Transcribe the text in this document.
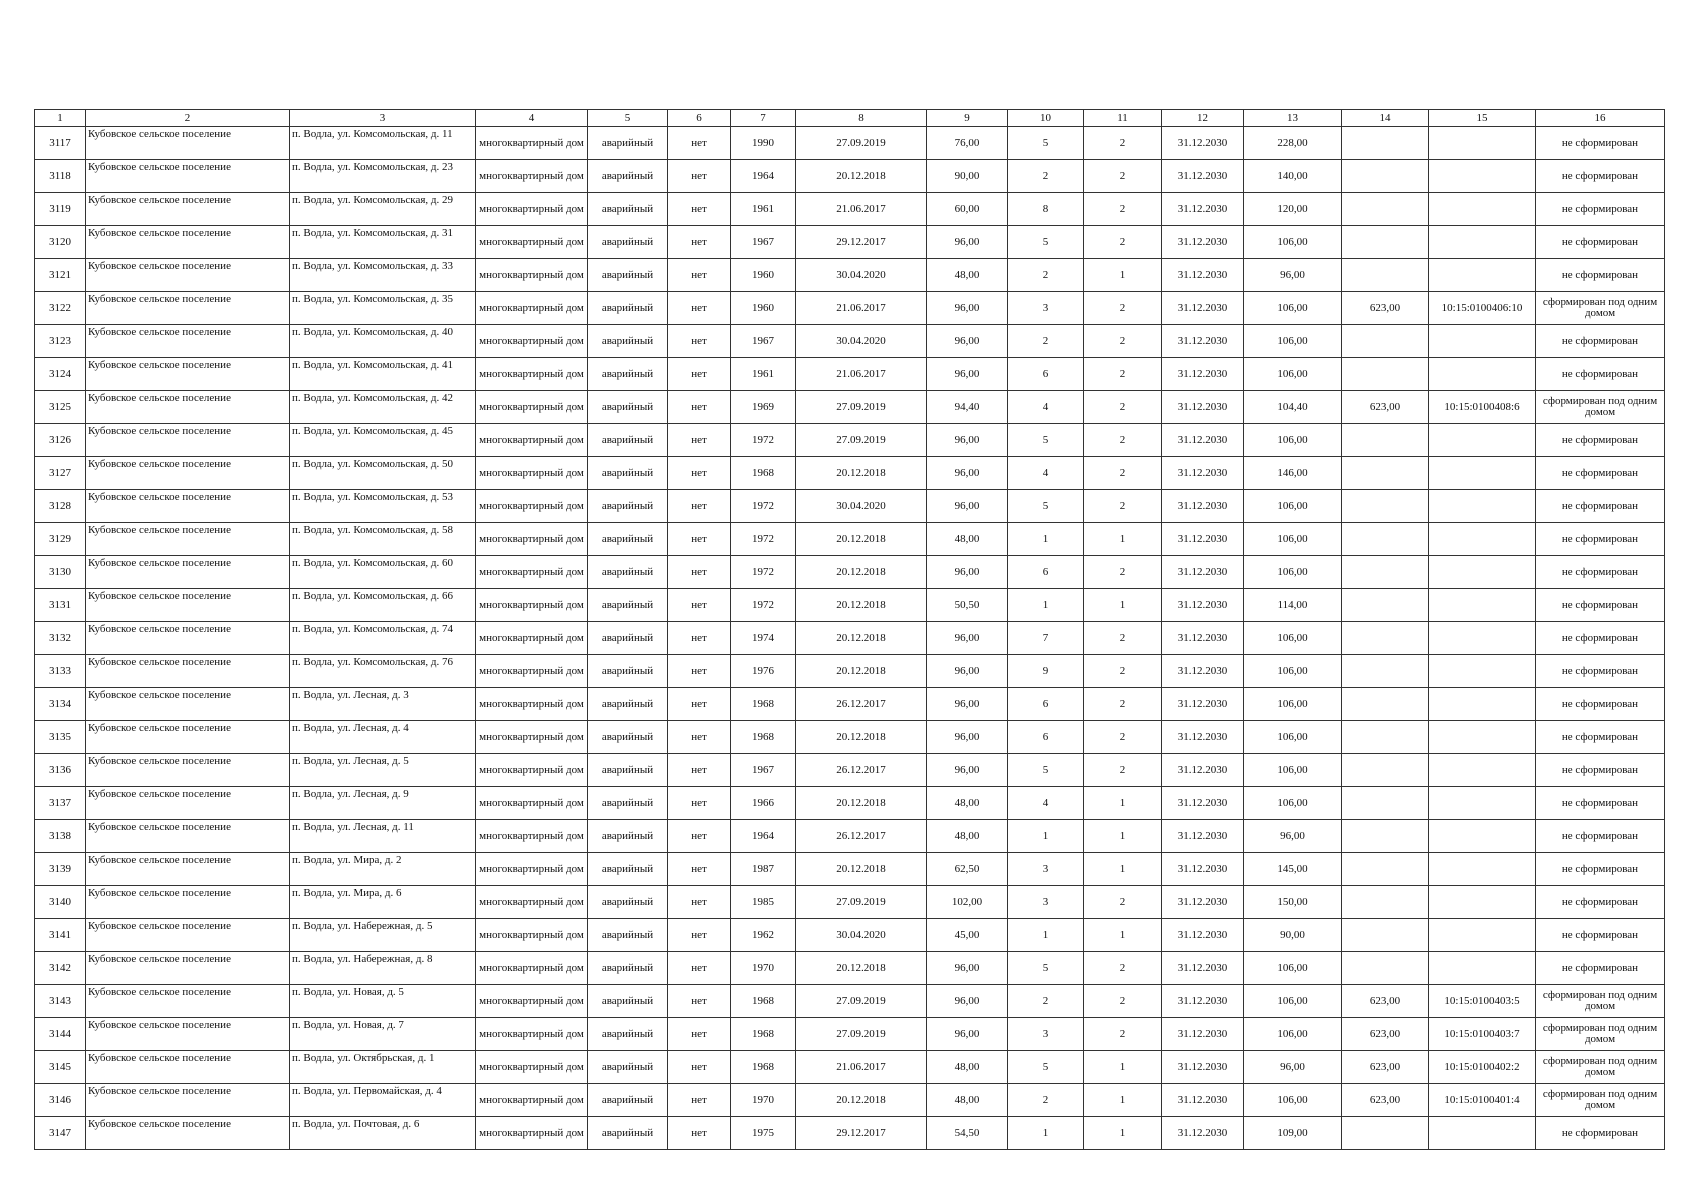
1	2	3	4	5	6	7	8	9	10	11	12	13	14	15	16
3117	Кубовское сельское поселение	п. Водла, ул. Комсомольская, д. 11	многоквартирный дом	аварийный	нет	1990	27.09.2019	76,00	5	2	31.12.2030	228,00			не сформирован
3118	Кубовское сельское поселение	п. Водла, ул. Комсомольская, д. 23	многоквартирный дом	аварийный	нет	1964	20.12.2018	90,00	2	2	31.12.2030	140,00			не сформирован
3119	Кубовское сельское поселение	п. Водла, ул. Комсомольская, д. 29	многоквартирный дом	аварийный	нет	1961	21.06.2017	60,00	8	2	31.12.2030	120,00			не сформирован
3120	Кубовское сельское поселение	п. Водла, ул. Комсомольская, д. 31	многоквартирный дом	аварийный	нет	1967	29.12.2017	96,00	5	2	31.12.2030	106,00			не сформирован
3121	Кубовское сельское поселение	п. Водла, ул. Комсомольская, д. 33	многоквартирный дом	аварийный	нет	1960	30.04.2020	48,00	2	1	31.12.2030	96,00			не сформирован
3122	Кубовское сельское поселение	п. Водла, ул. Комсомольская, д. 35	многоквартирный дом	аварийный	нет	1960	21.06.2017	96,00	3	2	31.12.2030	106,00	623,00	10:15:0100406:10	сформирован под одним домом
3123	Кубовское сельское поселение	п. Водла, ул. Комсомольская, д. 40	многоквартирный дом	аварийный	нет	1967	30.04.2020	96,00	2	2	31.12.2030	106,00			не сформирован
3124	Кубовское сельское поселение	п. Водла, ул. Комсомольская, д. 41	многоквартирный дом	аварийный	нет	1961	21.06.2017	96,00	6	2	31.12.2030	106,00			не сформирован
3125	Кубовское сельское поселение	п. Водла, ул. Комсомольская, д. 42	многоквартирный дом	аварийный	нет	1969	27.09.2019	94,40	4	2	31.12.2030	104,40	623,00	10:15:0100408:6	сформирован под одним домом
3126	Кубовское сельское поселение	п. Водла, ул. Комсомольская, д. 45	многоквартирный дом	аварийный	нет	1972	27.09.2019	96,00	5	2	31.12.2030	106,00			не сформирован
3127	Кубовское сельское поселение	п. Водла, ул. Комсомольская, д. 50	многоквартирный дом	аварийный	нет	1968	20.12.2018	96,00	4	2	31.12.2030	146,00			не сформирован
3128	Кубовское сельское поселение	п. Водла, ул. Комсомольская, д. 53	многоквартирный дом	аварийный	нет	1972	30.04.2020	96,00	5	2	31.12.2030	106,00			не сформирован
3129	Кубовское сельское поселение	п. Водла, ул. Комсомольская, д. 58	многоквартирный дом	аварийный	нет	1972	20.12.2018	48,00	1	1	31.12.2030	106,00			не сформирован
3130	Кубовское сельское поселение	п. Водла, ул. Комсомольская, д. 60	многоквартирный дом	аварийный	нет	1972	20.12.2018	96,00	6	2	31.12.2030	106,00			не сформирован
3131	Кубовское сельское поселение	п. Водла, ул. Комсомольская, д. 66	многоквартирный дом	аварийный	нет	1972	20.12.2018	50,50	1	1	31.12.2030	114,00			не сформирован
3132	Кубовское сельское поселение	п. Водла, ул. Комсомольская, д. 74	многоквартирный дом	аварийный	нет	1974	20.12.2018	96,00	7	2	31.12.2030	106,00			не сформирован
3133	Кубовское сельское поселение	п. Водла, ул. Комсомольская, д. 76	многоквартирный дом	аварийный	нет	1976	20.12.2018	96,00	9	2	31.12.2030	106,00			не сформирован
3134	Кубовское сельское поселение	п. Водла, ул. Лесная, д. 3	многоквартирный дом	аварийный	нет	1968	26.12.2017	96,00	6	2	31.12.2030	106,00			не сформирован
3135	Кубовское сельское поселение	п. Водла, ул. Лесная, д. 4	многоквартирный дом	аварийный	нет	1968	20.12.2018	96,00	6	2	31.12.2030	106,00			не сформирован
3136	Кубовское сельское поселение	п. Водла, ул. Лесная, д. 5	многоквартирный дом	аварийный	нет	1967	26.12.2017	96,00	5	2	31.12.2030	106,00			не сформирован
3137	Кубовское сельское поселение	п. Водла, ул. Лесная, д. 9	многоквартирный дом	аварийный	нет	1966	20.12.2018	48,00	4	1	31.12.2030	106,00			не сформирован
3138	Кубовское сельское поселение	п. Водла, ул. Лесная, д. 11	многоквартирный дом	аварийный	нет	1964	26.12.2017	48,00	1	1	31.12.2030	96,00			не сформирован
3139	Кубовское сельское поселение	п. Водла, ул. Мира, д. 2	многоквартирный дом	аварийный	нет	1987	20.12.2018	62,50	3	1	31.12.2030	145,00			не сформирован
3140	Кубовское сельское поселение	п. Водла, ул. Мира, д. 6	многоквартирный дом	аварийный	нет	1985	27.09.2019	102,00	3	2	31.12.2030	150,00			не сформирован
3141	Кубовское сельское поселение	п. Водла, ул. Набережная, д. 5	многоквартирный дом	аварийный	нет	1962	30.04.2020	45,00	1	1	31.12.2030	90,00			не сформирован
3142	Кубовское сельское поселение	п. Водла, ул. Набережная, д. 8	многоквартирный дом	аварийный	нет	1970	20.12.2018	96,00	5	2	31.12.2030	106,00			не сформирован
3143	Кубовское сельское поселение	п. Водла, ул. Новая, д. 5	многоквартирный дом	аварийный	нет	1968	27.09.2019	96,00	2	2	31.12.2030	106,00	623,00	10:15:0100403:5	сформирован под одним домом
3144	Кубовское сельское поселение	п. Водла, ул. Новая, д. 7	многоквартирный дом	аварийный	нет	1968	27.09.2019	96,00	3	2	31.12.2030	106,00	623,00	10:15:0100403:7	сформирован под одним домом
3145	Кубовское сельское поселение	п. Водла, ул. Октябрьская, д. 1	многоквартирный дом	аварийный	нет	1968	21.06.2017	48,00	5	1	31.12.2030	96,00	623,00	10:15:0100402:2	сформирован под одним домом
3146	Кубовское сельское поселение	п. Водла, ул. Первомайская, д. 4	многоквартирный дом	аварийный	нет	1970	20.12.2018	48,00	2	1	31.12.2030	106,00	623,00	10:15:0100401:4	сформирован под одним домом
3147	Кубовское сельское поселение	п. Водла, ул. Почтовая, д. 6	многоквартирный дом	аварийный	нет	1975	29.12.2017	54,50	1	1	31.12.2030	109,00			не сформирован
